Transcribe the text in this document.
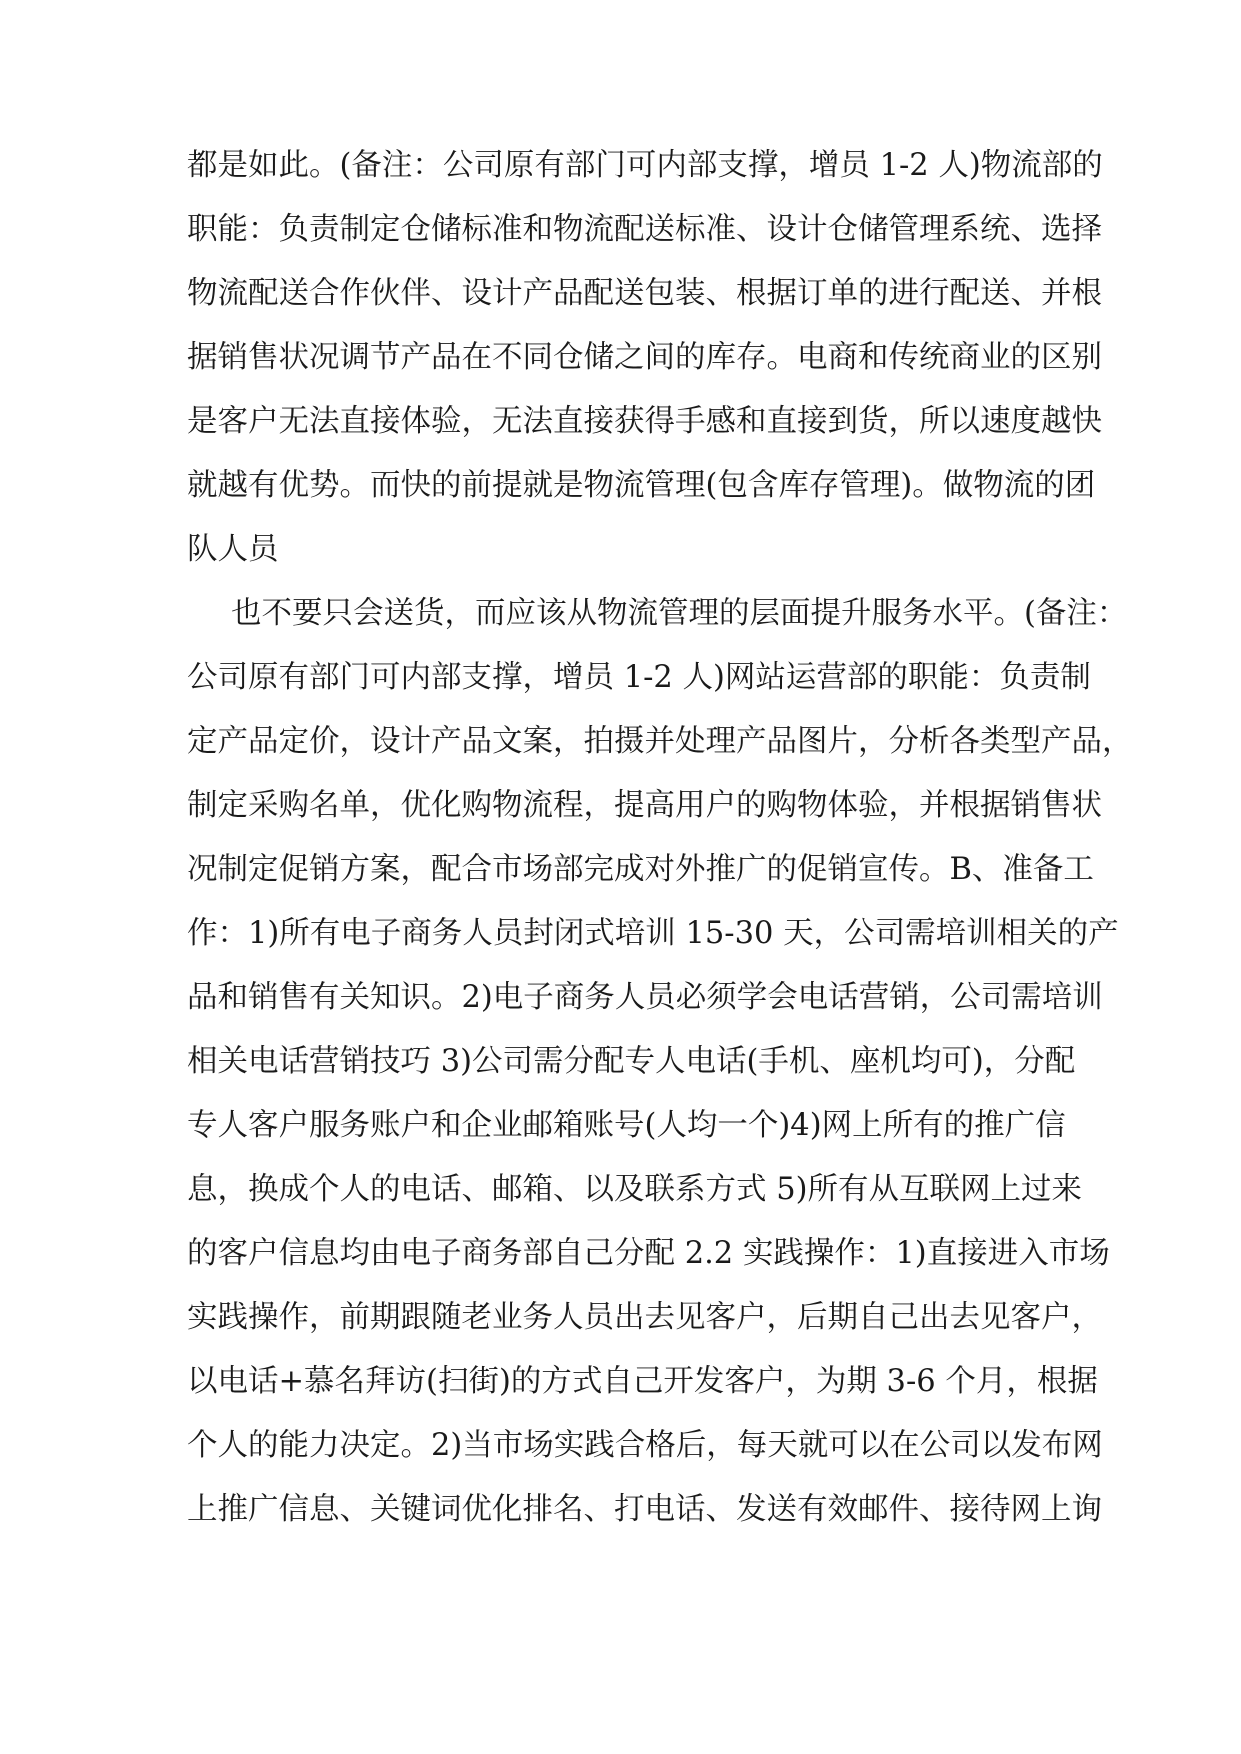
都是如此。(备注：公司原有部门可内部支撑，增员 1-2 人)物流部的

职能：负责制定仓储标准和物流配送标准、设计仓储管理系统、选择

物流配送合作伙伴、设计产品配送包装、根据订单的进行配送、并根

据销售状况调节产品在不同仓储之间的库存。电商和传统商业的区别

是客户无法直接体验，无法直接获得手感和直接到货，所以速度越快

就越有优势。而快的前提就是物流管理(包含库存管理)。做物流的团

队人员

也不要只会送货，而应该从物流管理的层面提升服务水平。(备注：

公司原有部门可内部支撑，增员 1-2 人)网站运营部的职能：负责制

定产品定价，设计产品文案，拍摄并处理产品图片，分析各类型产品，

制定采购名单，优化购物流程，提高用户的购物体验，并根据销售状

况制定促销方案，配合市场部完成对外推广的促销宣传。B、准备工

作：1)所有电子商务人员封闭式培训 15-30 天，公司需培训相关的产

品和销售有关知识。2)电子商务人员必须学会电话营销，公司需培训

相关电话营销技巧 3)公司需分配专人电话(手机、座机均可)，分配

专人客户服务账户和企业邮箱账号(人均一个)4)网上所有的推广信

息，换成个人的电话、邮箱、以及联系方式 5)所有从互联网上过来

的客户信息均由电子商务部自己分配 2.2 实践操作：1)直接进入市场

实践操作，前期跟随老业务人员出去见客户，后期自己出去见客户，

以电话+慕名拜访(扫街)的方式自己开发客户，为期 3-6 个月，根据

个人的能力决定。2)当市场实践合格后，每天就可以在公司以发布网

上推广信息、关键词优化排名、打电话、发送有效邮件、接待网上询
